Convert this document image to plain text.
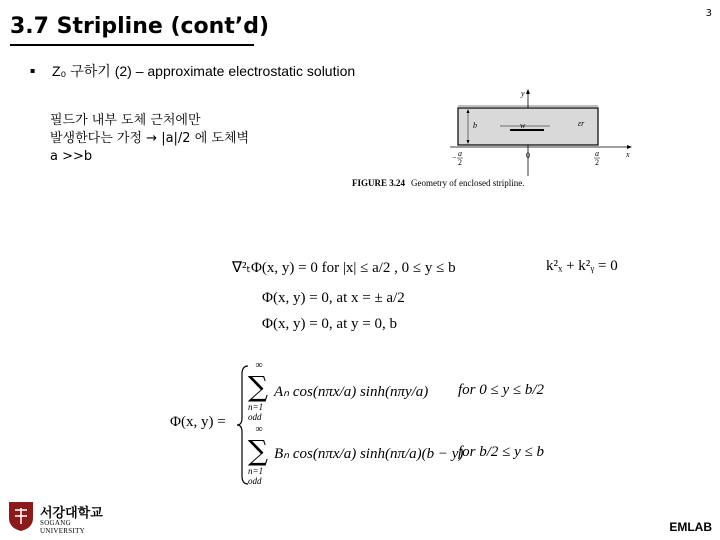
3.7 Stripline (cont’d)
3
▪ Z₀ 구하기 (2) – approximate electrostatic solution
필드가 내부 도체 근처에만
발생한다는 가정 → |a|/2 에 도체벽
a >>b
y
w
b	εr
x
0
− a
2
a
2
FIGURE 3.24 Geometry of enclosed stripline.
∇²ₜΦ(x, y) = 0 for |x| ≤ a/2 , 0 ≤ y ≤ b	k²ₓ + k²ᵧ = 0
Φ(x, y) = 0, at x = ± a/2
Φ(x, y) = 0, at y = 0, b
Φ(x, y) =
∞
∑
n=1
odd
Aₙ cos(nπx/a) sinh(nπy/a) for 0 ≤ y ≤ b/2
∞
∑
n=1
odd
Bₙ cos(nπx/a) sinh(nπ/a)(b − y)
for b/2 ≤ y ≤ b
서강대학교
SOGANG UNIVERSITY	EMLAB
